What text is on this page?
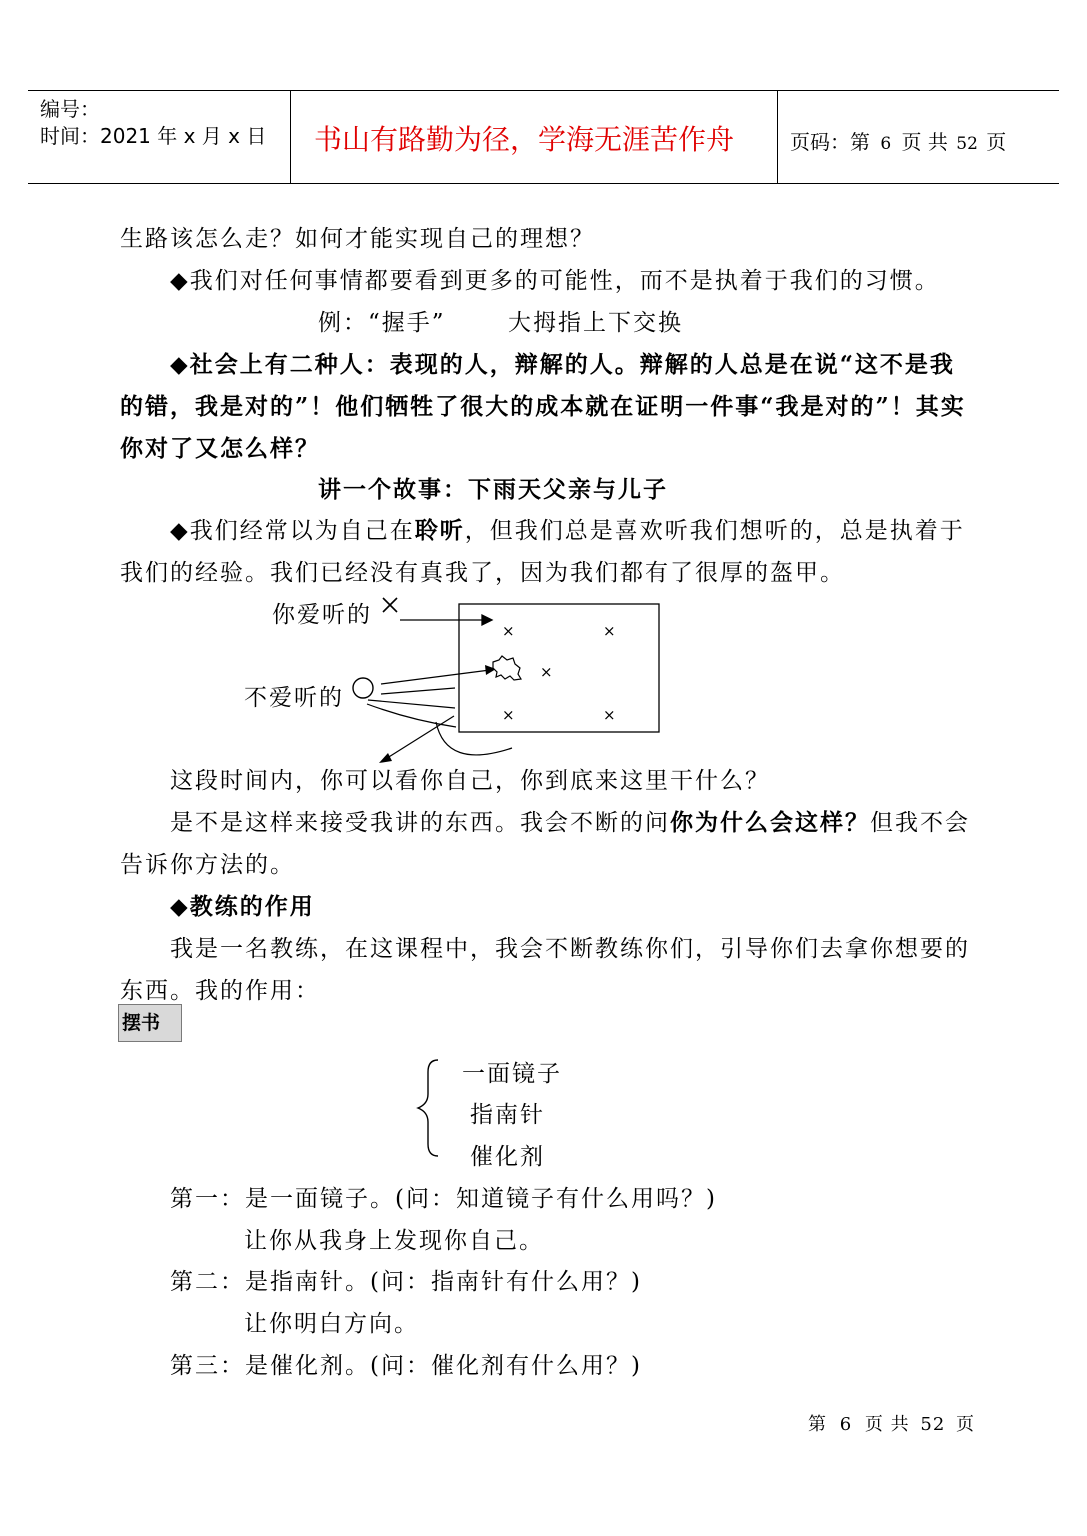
编号：
时间：2021 年 x 月 x 日 书山有路勤为径，学海无涯苦作舟	页码：第 6 页 共 52 页
生路该怎么走？如何才能实现自己的理想？
◆我们对任何事情都要看到更多的可能性，而不是执着于我们的习惯。
例：“握手”	大拇指上下交换
◆社会上有二种人：表现的人，辩解的人。辩解的人总是在说“这不是我
的错，我是对的”！他们牺牲了很大的成本就在证明一件事“我是对的”！其实
你对了又怎么样？
讲一个故事：下雨天父亲与儿子
◆我们经常以为自己在聆听，但我们总是喜欢听我们想听的，总是执着于
我们的经验。我们已经没有真我了，因为我们都有了很厚的盔甲。
你爱听的
不爱听的
×	×
×
×	×
这段时间内，你可以看你自己，你到底来这里干什么？
是不是这样来接受我讲的东西。我会不断的问你为什么会这样？但我不会
告诉你方法的。
◆教练的作用
我是一名教练，在这课程中，我会不断教练你们，引导你们去拿你想要的
东西。我的作用：
摆书
一面镜子
指南针
催化剂
第一：是一面镜子。(问：知道镜子有什么用吗？)
让你从我身上发现你自己。
第二：是指南针。(问：指南针有什么用？)
让你明白方向。
第三：是催化剂。(问：催化剂有什么用？)
第 6 页 共 52 页
